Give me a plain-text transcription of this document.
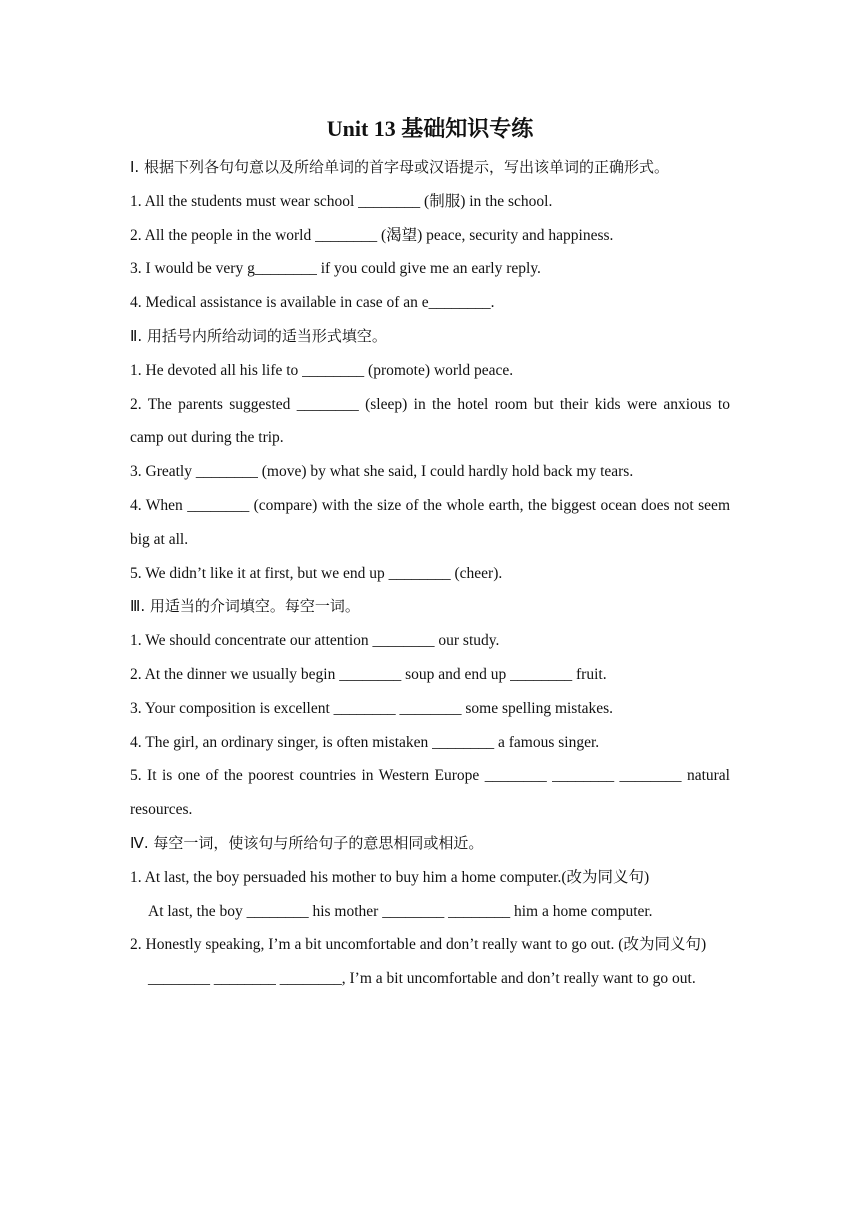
Unit 13 基础知识专练
Ⅰ. 根据下列各句句意以及所给单词的首字母或汉语提示，写出该单词的正确形式。
1. All the students must wear school ________ (制服) in the school.
2. All the people in the world ________ (渴望) peace, security and happiness.
3. I would be very g________ if you could give me an early reply.
4. Medical assistance is available in case of an e________.
Ⅱ. 用括号内所给动词的适当形式填空。
1. He devoted all his life to ________ (promote) world peace.
2. The parents suggested ________ (sleep) in the hotel room but their kids were anxious to camp out during the trip.
3. Greatly ________ (move) by what she said, I could hardly hold back my tears.
4. When ________ (compare) with the size of the whole earth, the biggest ocean does not seem big at all.
5. We didn’t like it at first, but we end up ________ (cheer).
Ⅲ. 用适当的介词填空。每空一词。
1. We should concentrate our attention ________ our study.
2. At the dinner we usually begin ________ soup and end up ________ fruit.
3. Your composition is excellent ________ ________ some spelling mistakes.
4. The girl, an ordinary singer, is often mistaken ________ a famous singer.
5. It is one of the poorest countries in Western Europe ________ ________ ________ natural resources.
Ⅳ. 每空一词，使该句与所给句子的意思相同或相近。
1. At last, the boy persuaded his mother to buy him a home computer.(改为同义句)
At last, the boy ________ his mother ________ ________ him a home computer.
2. Honestly speaking, I’m a bit uncomfortable and don’t really want to go out. (改为同义句)
________ ________ ________, I’m a bit uncomfortable and don’t really want to go out.
